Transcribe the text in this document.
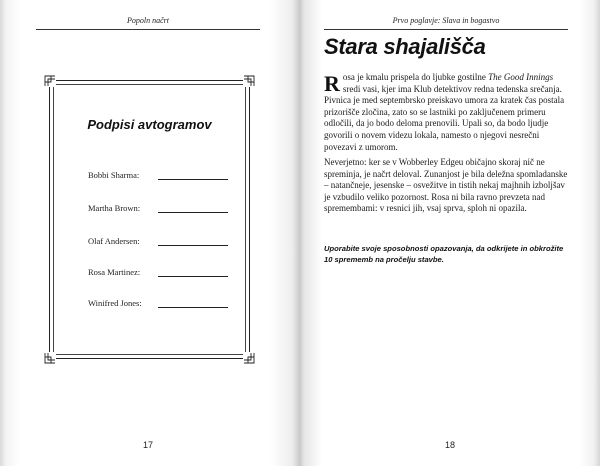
Popoln načrt
Podpisi avtogramov
Bobbi Sharma:
Martha Brown:
Olaf Andersen:
Rosa Martinez:
Winifred Jones:
17
Prvo poglavje: Slava in bogastvo
Stara shajališča
Rosa je kmalu prispela do ljubke gostilne The Good Innings sredi vasi, kjer ima Klub detektivov redna tedenska srečanja. Pivnica je med septembrsko preiskavo umora za kratek čas postala prizorišče zločina, zato so se lastniki po zaključenem primeru odločili, da jo bodo deloma prenovili. Upali so, da bodo ljudje govorili o novem videzu lokala, namesto o njegovi nesrečni povezavi z umorom.
Neverjetno: ker se v Wobberley Edgeu običajno skoraj nič ne spreminja, je načrt deloval. Zunanjost je bila deležna spomladanske – natančneje, jesenske – osvežitve in tistih nekaj majhnih izboljšav je vzbudilo veliko pozornost. Rosa ni bila ravno prevzeta nad spremembami: v resnici jih, vsaj sprva, sploh ni opazila.
Uporabite svoje sposobnosti opazovanja, da odkrijete in obkrožite 10 sprememb na pročelju stavbe.
18
